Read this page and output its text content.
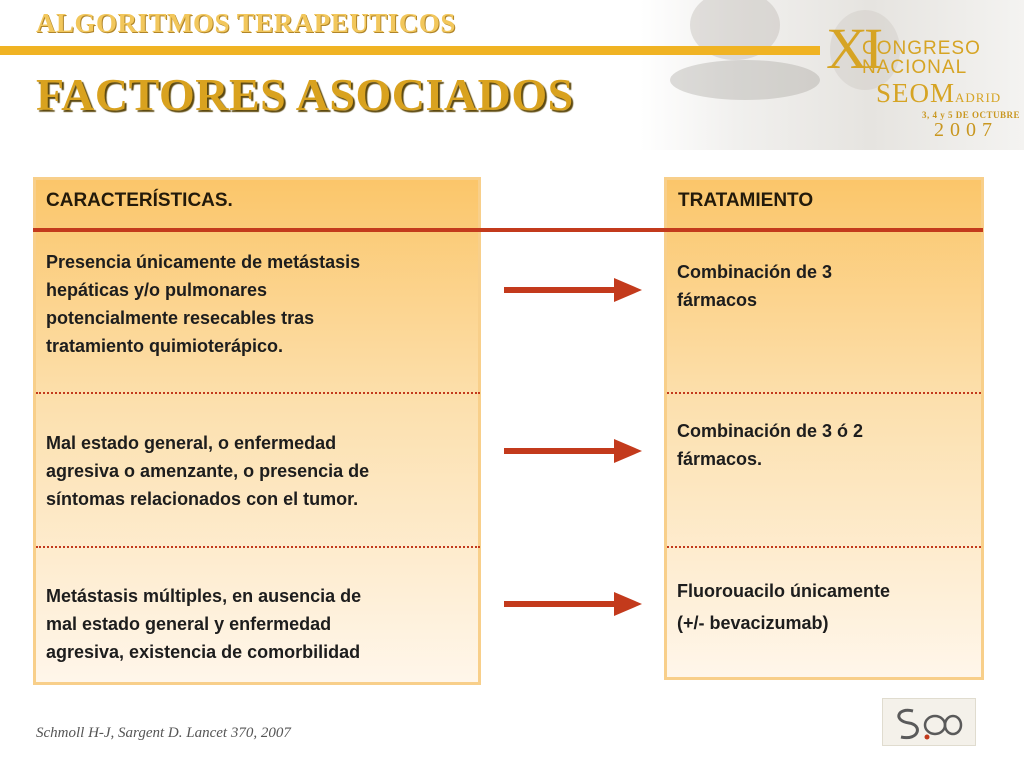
ALGORITMOS TERAPEUTICOS
FACTORES ASOCIADOS
XI
CONGRESO
NACIONAL
SEOMADRID
3, 4 y 5 DE OCTUBRE
2007
CARACTERÍSTICAS.	TRATAMIENTO
Presencia únicamente de metástasis
hepáticas y/o pulmonares
potencialmente resecables tras
tratamiento quimioterápico.
Combinación de 3
fármacos
Mal estado general, o enfermedad
agresiva o amenzante, o presencia de
síntomas relacionados con el tumor.
Combinación de 3 ó 2
fármacos.
Metástasis múltiples, en ausencia de
mal estado general y enfermedad
agresiva, existencia de comorbilidad
Fluorouacilo únicamente
(+/- bevacizumab)
Schmoll H-J, Sargent D. Lancet 370, 2007
